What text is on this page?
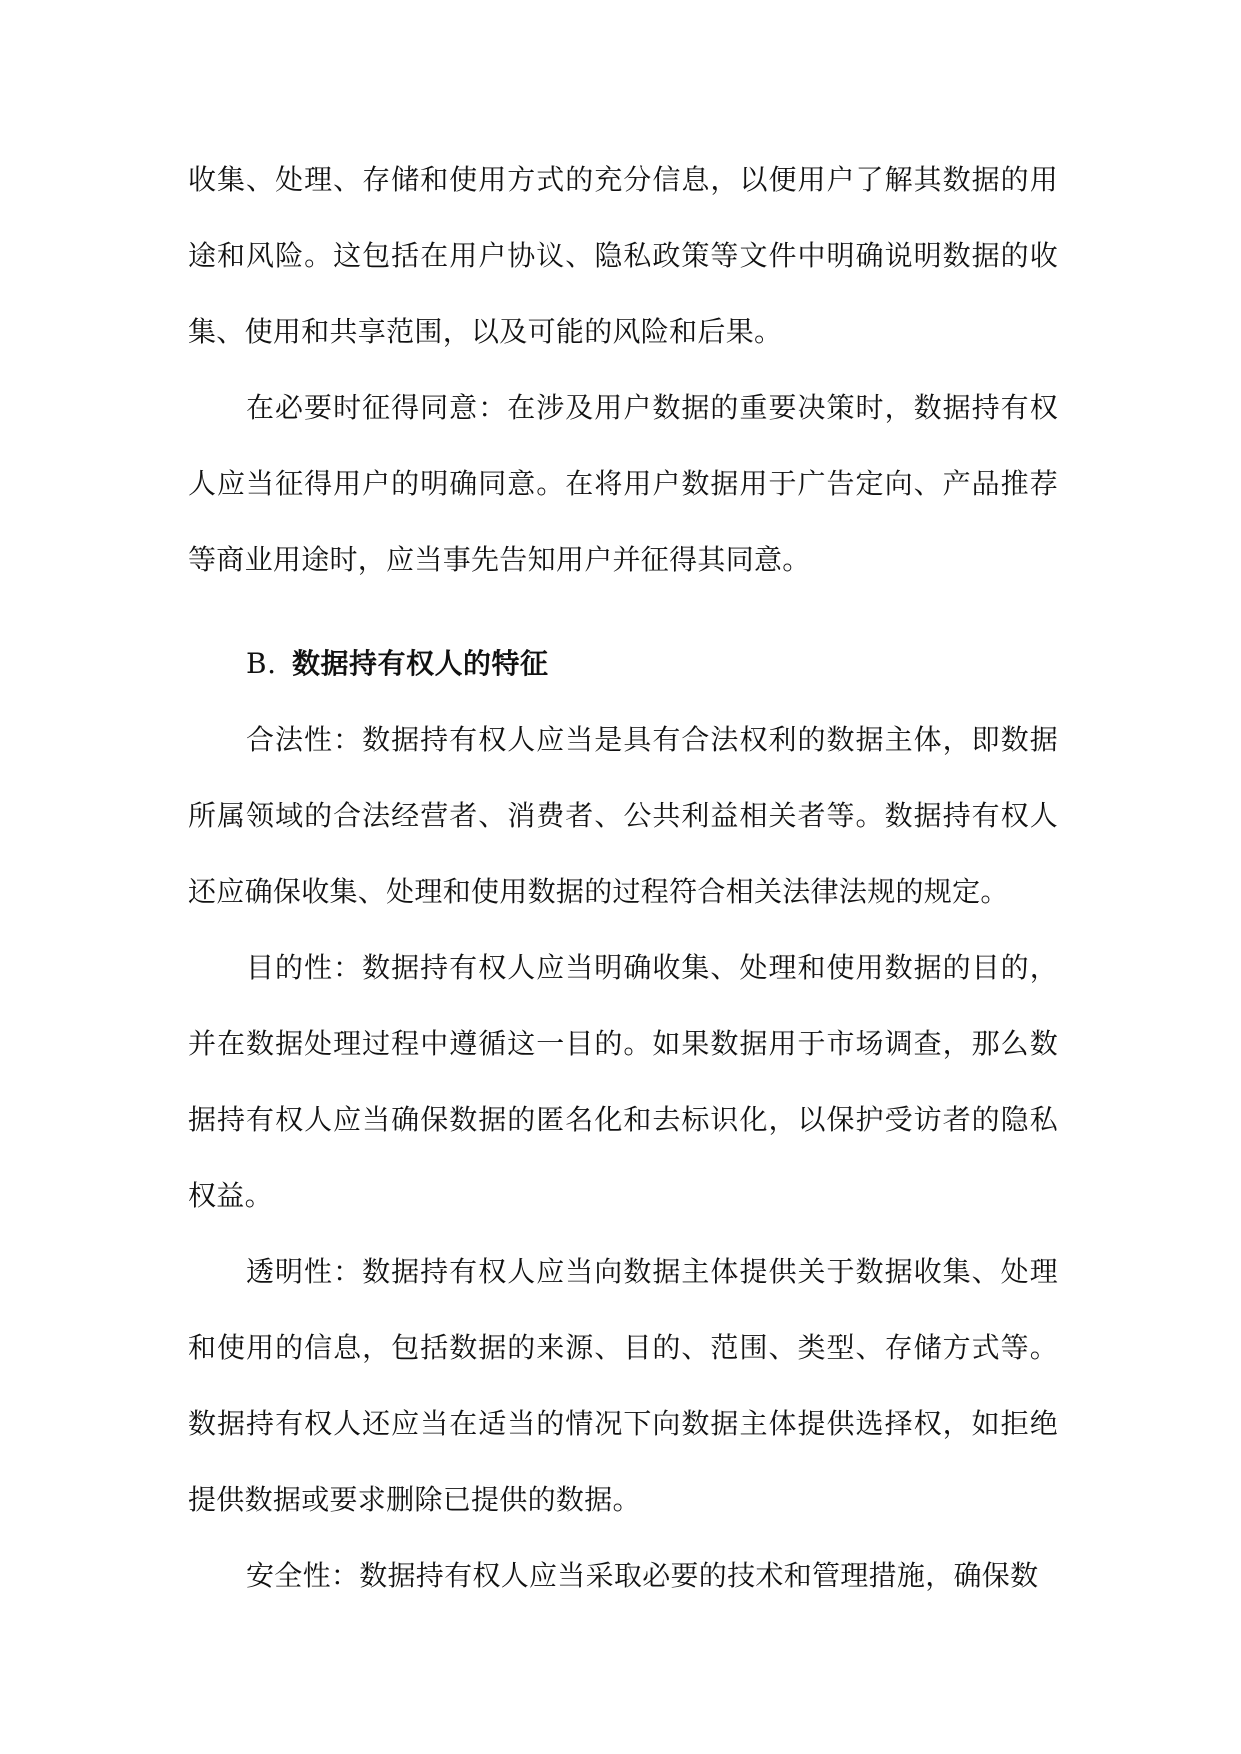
收集、处理、存储和使用方式的充分信息，以便用户了解其数据的用途和风险。这包括在用户协议、隐私政策等文件中明确说明数据的收集、使用和共享范围，以及可能的风险和后果。

在必要时征得同意：在涉及用户数据的重要决策时，数据持有权人应当征得用户的明确同意。在将用户数据用于广告定向、产品推荐等商业用途时，应当事先告知用户并征得其同意。

B. 数据持有权人的特征

合法性：数据持有权人应当是具有合法权利的数据主体，即数据所属领域的合法经营者、消费者、公共利益相关者等。数据持有权人还应确保收集、处理和使用数据的过程符合相关法律法规的规定。

目的性：数据持有权人应当明确收集、处理和使用数据的目的，并在数据处理过程中遵循这一目的。如果数据用于市场调查，那么数据持有权人应当确保数据的匿名化和去标识化，以保护受访者的隐私权益。

透明性：数据持有权人应当向数据主体提供关于数据收集、处理和使用的信息，包括数据的来源、目的、范围、类型、存储方式等。数据持有权人还应当在适当的情况下向数据主体提供选择权，如拒绝提供数据或要求删除已提供的数据。

安全性：数据持有权人应当采取必要的技术和管理措施，确保数
